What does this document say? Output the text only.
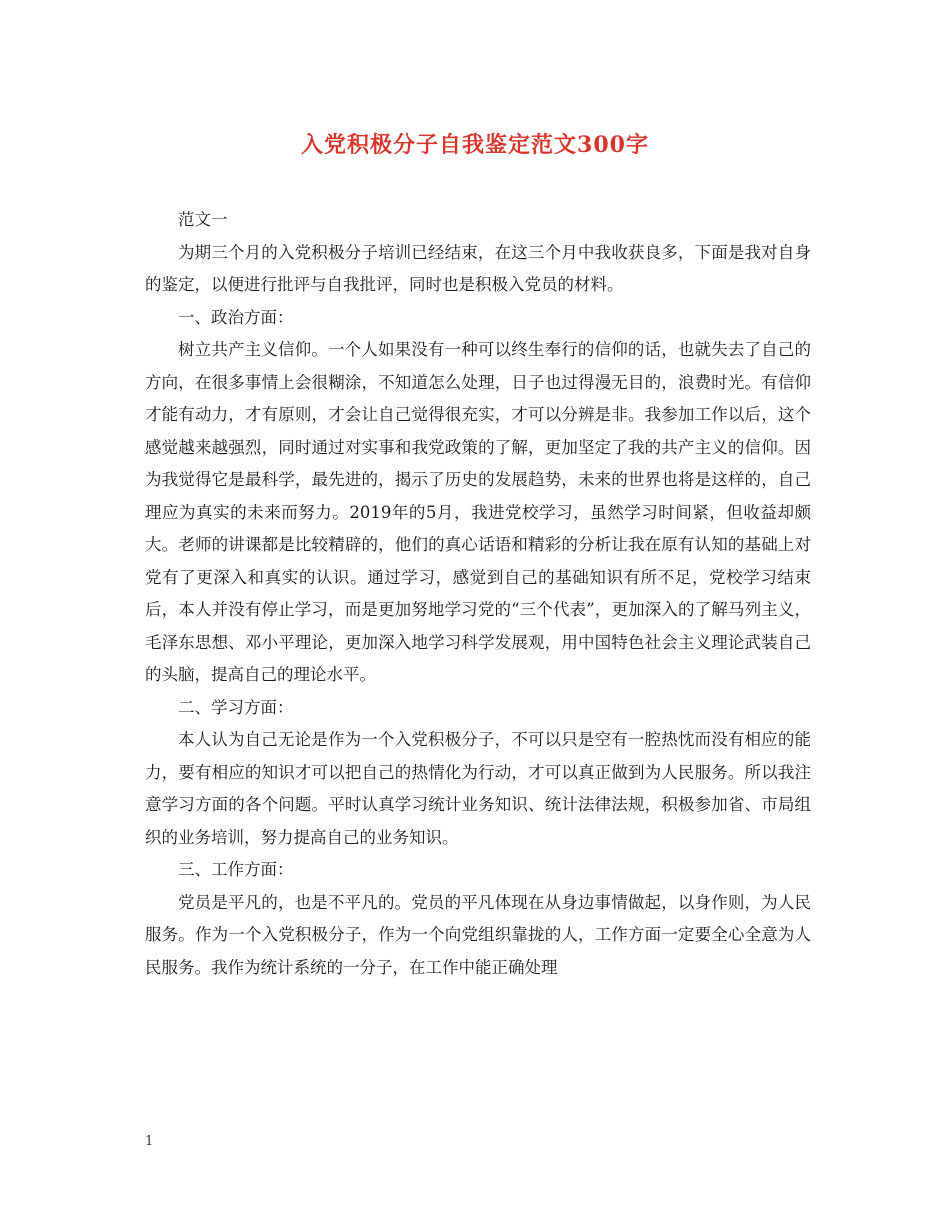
入党积极分子自我鉴定范文300字

范文一

为期三个月的入党积极分子培训已经结束，在这三个月中我收获良多，下面是我对自身的鉴定，以便进行批评与自我批评，同时也是积极入党员的材料。

一、政治方面：

树立共产主义信仰。一个人如果没有一种可以终生奉行的信仰的话，也就失去了自己的方向，在很多事情上会很糊涂，不知道怎么处理，日子也过得漫无目的，浪费时光。有信仰才能有动力，才有原则，才会让自己觉得很充实，才可以分辨是非。我参加工作以后，这个感觉越来越强烈，同时通过对实事和我党政策的了解，更加坚定了我的共产主义的信仰。因为我觉得它是最科学，最先进的，揭示了历史的发展趋势，未来的世界也将是这样的，自己理应为真实的未来而努力。2019年的5月，我进党校学习，虽然学习时间紧，但收益却颇大。老师的讲课都是比较精辟的，他们的真心话语和精彩的分析让我在原有认知的基础上对党有了更深入和真实的认识。通过学习，感觉到自己的基础知识有所不足，党校学习结束后，本人并没有停止学习，而是更加努地学习党的“三个代表”，更加深入的了解马列主义，毛泽东思想、邓小平理论，更加深入地学习科学发展观，用中国特色社会主义理论武装自己的头脑，提高自己的理论水平。

二、学习方面：

本人认为自己无论是作为一个入党积极分子，不可以只是空有一腔热忱而没有相应的能力，要有相应的知识才可以把自己的热情化为行动，才可以真正做到为人民服务。所以我注意学习方面的各个问题。平时认真学习统计业务知识、统计法律法规，积极参加省、市局组织的业务培训，努力提高自己的业务知识。

三、工作方面：

党员是平凡的，也是不平凡的。党员的平凡体现在从身边事情做起，以身作则，为人民服务。作为一个入党积极分子，作为一个向党组织靠拢的人，工作方面一定要全心全意为人民服务。我作为统计系统的一分子，在工作中能正确处理

1
